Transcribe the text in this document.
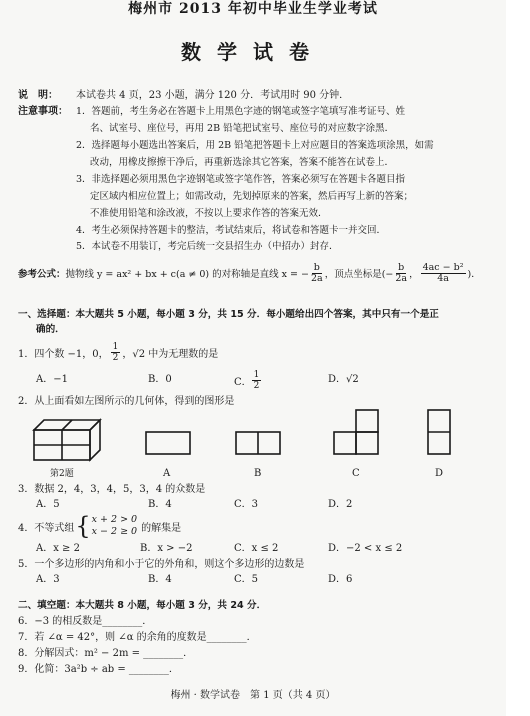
梅州市 2013 年初中毕业生学业考试
数学试卷
说　明： 本试卷共 4 页，23 小题，满分 120 分．考试用时 90 分钟．
注意事项： 1．答题前，考生务必在答题卡上用黑色字迹的钢笔或签字笔填写准考证号、姓
名、试室号、座位号，再用 2B 铅笔把试室号、座位号的对应数字涂黑．
2．选择题每小题选出答案后，用 2B 铅笔把答题卡上对应题目的答案选项涂黑，如需
改动，用橡皮擦擦干净后，再重新选涂其它答案，答案不能答在试卷上．
3．非选择题必须用黑色字迹钢笔或签字笔作答，答案必须写在答题卡各题目指
定区域内相应位置上；如需改动，先划掉原来的答案，然后再写上新的答案；
不准使用铅笔和涂改液，不按以上要求作答的答案无效．
4．考生必须保持答题卡的整洁，考试结束后，将试卷和答题卡一并交回．
5．本试卷不用装订，考完后统一交县招生办（中招办）封存．
参考公式： 抛物线 y = ax² + bx + c(a ≠ 0) 的对称轴是直线 x = − $\frac{b}{2a}$ ，顶点坐标是(− $\frac{b}{2a}$ ， $\frac{\text{4ac − b²}}{4a}$ )．
一、选择题：本大题共 5 小题，每小题 3 分，共 15 分．每小题给出四个答案，其中只有一个是正
确的．
1．四个数 −1，0， $\frac{1}{2}$ ，√2 中为无理数的是
A．−1	B．0	C． $\frac{1}{2}$	D．√2
2．从上面看如左图所示的几何体，得到的图形是
第2题	A	B	C	D
3．数据 2，4，3，4，5，3，4 的众数是
A．5	B．4	C．3	D．2
4．不等式组 { x + 2 > 0
x − 2 ≥ 0 的解集是
A．x ≥ 2	B．x > −2	C．x ≤ 2	D．−2 < x ≤ 2
5．一个多边形的内角和小于它的外角和，则这个多边形的边数是
A．3	B．4	C．5	D．6
二、填空题：本大题共 8 小题，每小题 3 分，共 24 分．
6．−3 的相反数是________．
7．若 ∠α = 42°，则 ∠α 的余角的度数是________．
8．分解因式：m² − 2m = ________．
9．化简：3a²b ÷ ab = ________．
梅州 · 数学试卷　第 1 页（共 4 页）
